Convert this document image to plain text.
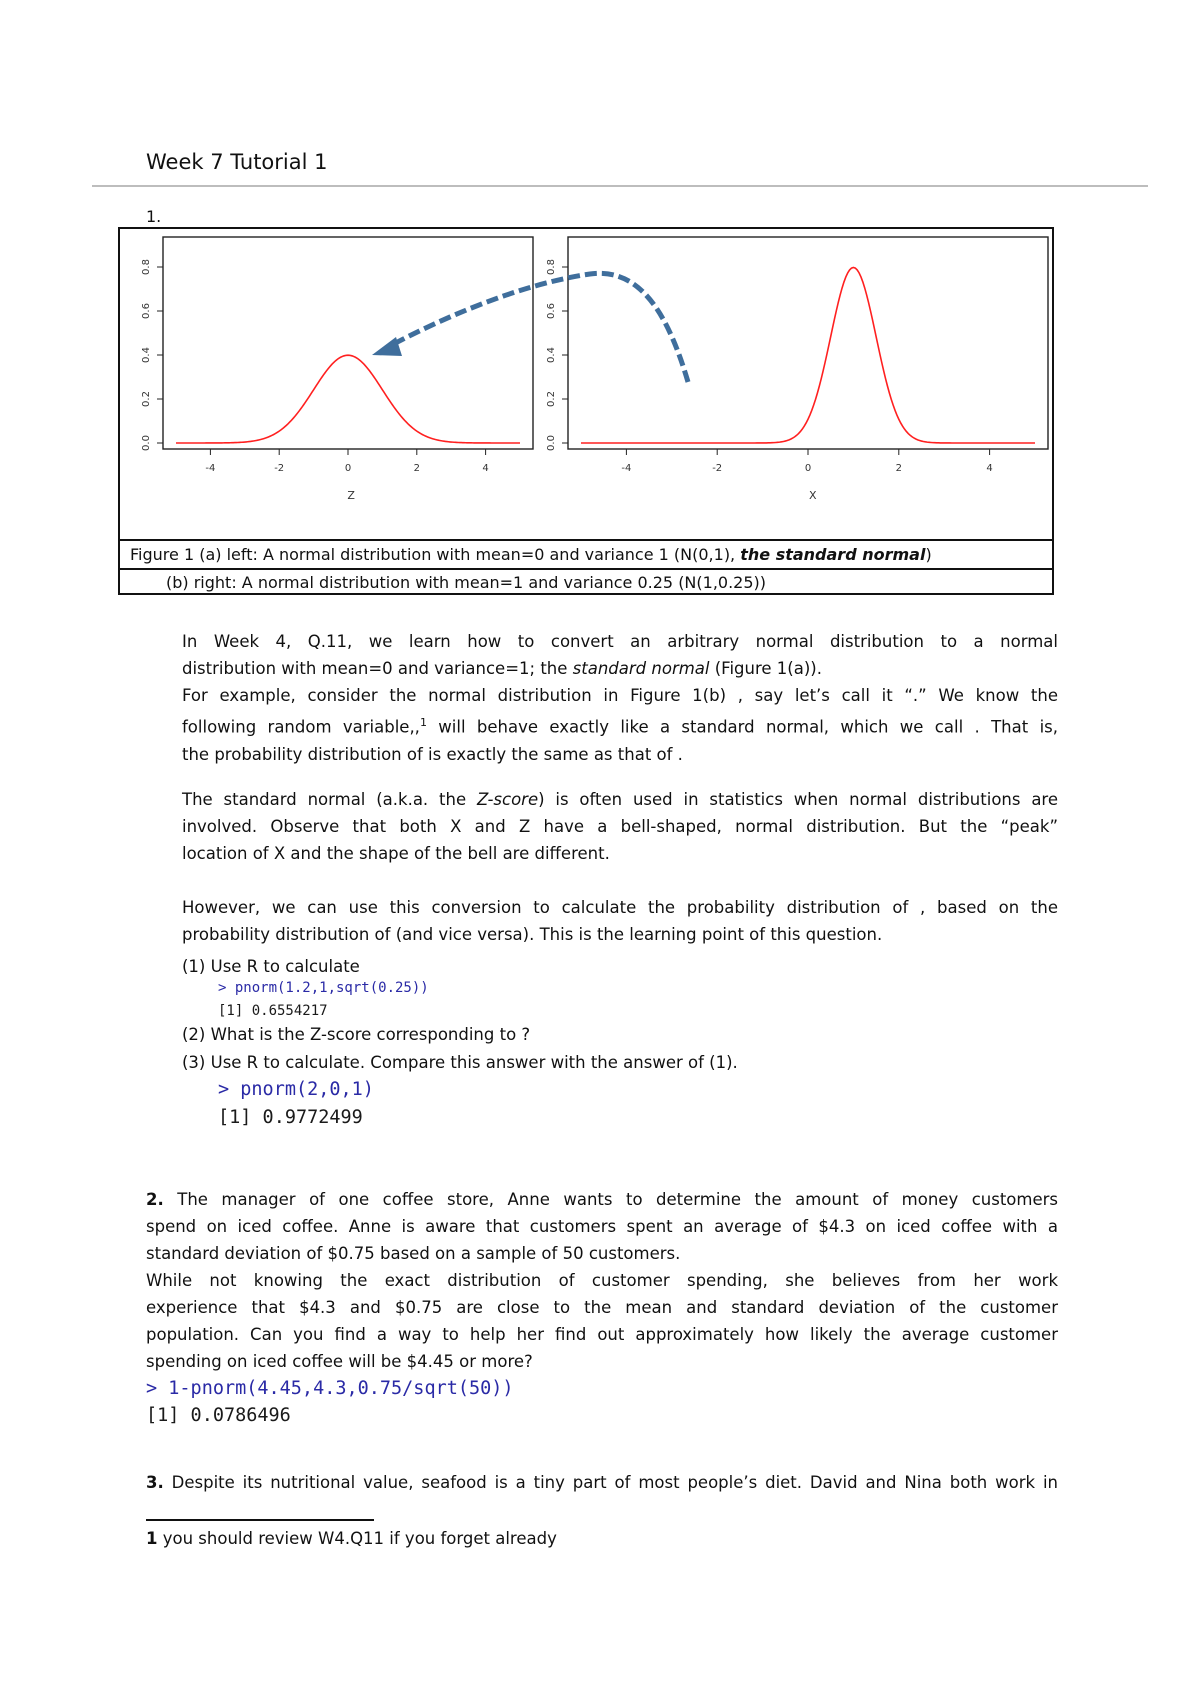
Week 7 Tutorial 1
1.
-4	-2	0	2	4
0.0
0.2
0.4
0.6
0.8
Z
-4	-2	0	2	4
0.0
0.2
0.4
0.6
0.8
X
Figure 1 (a) left: A normal distribution with mean=0 and variance 1 (N(0,1), the standard normal)
(b) right: A normal distribution with mean=1 and variance 0.25 (N(1,0.25))
In Week 4, Q.11, we learn how to convert an arbitrary normal distribution to a normal
distribution with mean=0 and variance=1; the standard normal (Figure 1(a)).
For example, consider the normal distribution in Figure 1(b) , say let’s call it “.” We know the
following random variable,,$^1$ will behave exactly like a standard normal, which we call . That is,
the probability distribution of is exactly the same as that of .
The standard normal (a.k.a. the Z-score) is often used in statistics when normal distributions are
involved. Observe that both X and Z have a bell-shaped, normal distribution. But the “peak”
location of X and the shape of the bell are different.
However, we can use this conversion to calculate the probability distribution of , based on the
probability distribution of (and vice versa). This is the learning point of this question.
(1) Use R to calculate
> pnorm(1.2,1,sqrt(0.25))
[1] 0.6554217
(2) What is the Z-score corresponding to ?
(3) Use R to calculate. Compare this answer with the answer of (1).
> pnorm(2,0,1)
[1] 0.9772499
2. The manager of one coffee store, Anne wants to determine the amount of money customers
spend on iced coffee. Anne is aware that customers spent an average of $4.3 on iced coffee with a
standard deviation of $0.75 based on a sample of 50 customers.
While not knowing the exact distribution of customer spending, she believes from her work
experience that $4.3 and $0.75 are close to the mean and standard deviation of the customer
population. Can you find a way to help her find out approximately how likely the average customer
spending on iced coffee will be $4.45 or more?
> 1-pnorm(4.45,4.3,0.75/sqrt(50))
[1] 0.0786496
3. Despite its nutritional value, seafood is a tiny part of most people’s diet. David and Nina both work in
1 you should review W4.Q11 if you forget already
